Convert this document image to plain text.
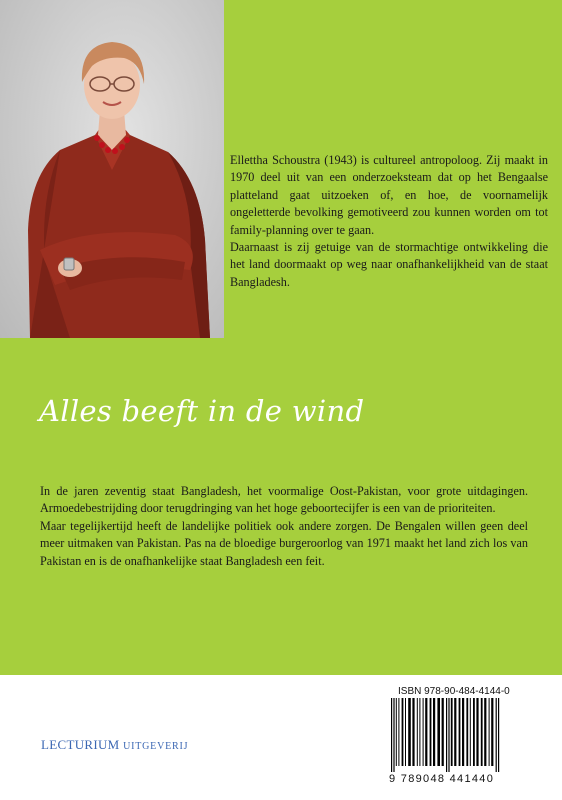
Ellettha Schoustra (1943) is cultureel antropoloog. Zij maakt in 1970 deel uit van een onderzoeksteam dat op het Bengaalse platteland gaat uitzoeken of, en hoe, de voornamelijk ongeletterde bevolking gemotiveerd zou kunnen worden om tot family-planning over te gaan.

Daarnaast is zij getuige van de stormachtige ontwikkeling die het land doormaakt op weg naar onafhankelijkheid van de staat Bangladesh.

Alles beeft in de wind

In de jaren zeventig staat Bangladesh, het voormalige Oost-Pakistan, voor grote uitdagingen. Armoedebestrijding door terugdringing van het hoge geboortecijfer is een van de prioriteiten.

Maar tegelijkertijd heeft de landelijke politiek ook andere zorgen. De Bengalen willen geen deel meer uitmaken van Pakistan. Pas na de bloedige burgeroorlog van 1971 maakt het land zich los van Pakistan en is de onafhankelijke staat Bangladesh een feit.

LECTURIUM UITGEVERIJ
ISBN 978-90-484-4144-0
9 789048 441440
